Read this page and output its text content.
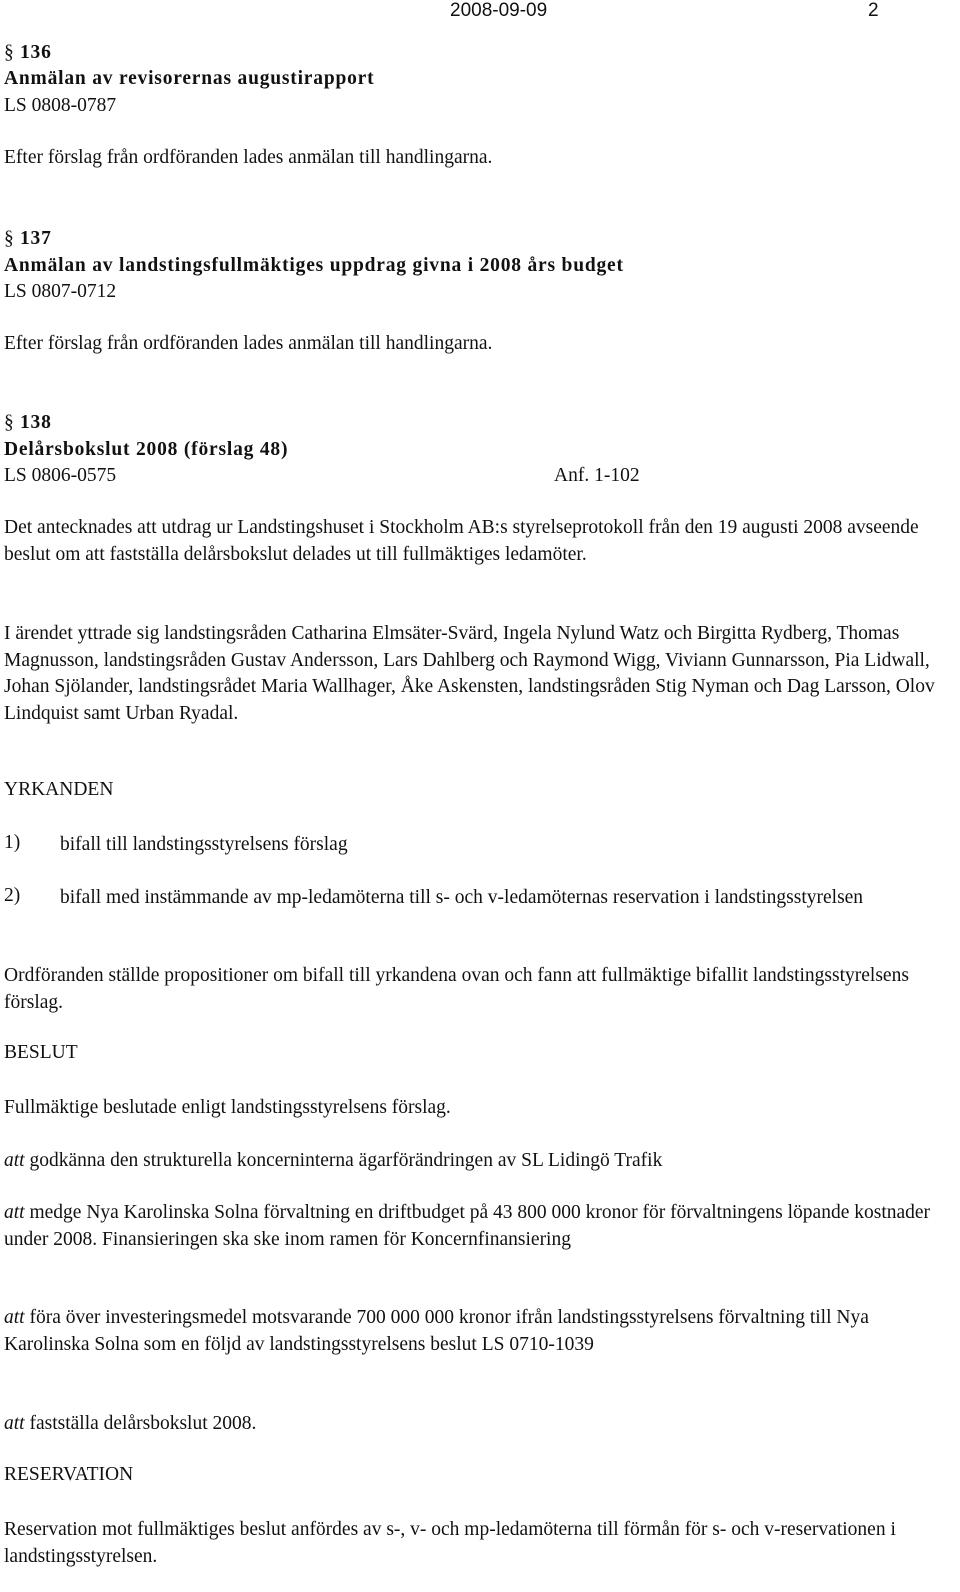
2008-09-09	2
§ 136
Anmälan av revisorernas augustirapport
LS 0808-0787
Efter förslag från ordföranden lades anmälan till handlingarna.
§ 137
Anmälan av landstingsfullmäktiges uppdrag givna i 2008 års budget
LS 0807-0712
Efter förslag från ordföranden lades anmälan till handlingarna.
§ 138
Delårsbokslut 2008 (förslag 48)
LS 0806-0575	Anf. 1-102
Det antecknades att utdrag ur Landstingshuset i Stockholm AB:s styrelseprotokoll från den 19 augusti 2008 avseende beslut om att fastställa delårsbokslut delades ut till fullmäktiges ledamöter.
I ärendet yttrade sig landstingsråden Catharina Elmsäter-Svärd, Ingela Nylund Watz och Birgitta Rydberg, Thomas Magnusson, landstingsråden Gustav Andersson, Lars Dahlberg och Raymond Wigg, Viviann Gunnarsson, Pia Lidwall, Johan Sjölander, landstingsrådet Maria Wallhager, Åke Askensten, landstingsråden Stig Nyman och Dag Larsson, Olov Lindquist samt Urban Ryadal.
YRKANDEN
1) bifall till landstingsstyrelsens förslag
2) bifall med instämmande av mp-ledamöterna till s- och v-ledamöternas reservation i landstingsstyrelsen
Ordföranden ställde propositioner om bifall till yrkandena ovan och fann att fullmäktige bifallit landstingsstyrelsens förslag.
BESLUT
Fullmäktige beslutade enligt landstingsstyrelsens förslag.
att godkänna den strukturella koncerninterna ägarförändringen av SL Lidingö Trafik
att medge Nya Karolinska Solna förvaltning en driftbudget på 43 800 000 kronor för förvaltningens löpande kostnader under 2008. Finansieringen ska ske inom ramen för Koncernfinansiering
att föra över investeringsmedel motsvarande 700 000 000 kronor ifrån landstingsstyrelsens förvaltning till Nya Karolinska Solna som en följd av landstingsstyrelsens beslut LS 0710-1039
att fastställa delårsbokslut 2008.
RESERVATION
Reservation mot fullmäktiges beslut anfördes av s-, v- och mp-ledamöterna till förmån för s- och v-reservationen i landstingsstyrelsen.
